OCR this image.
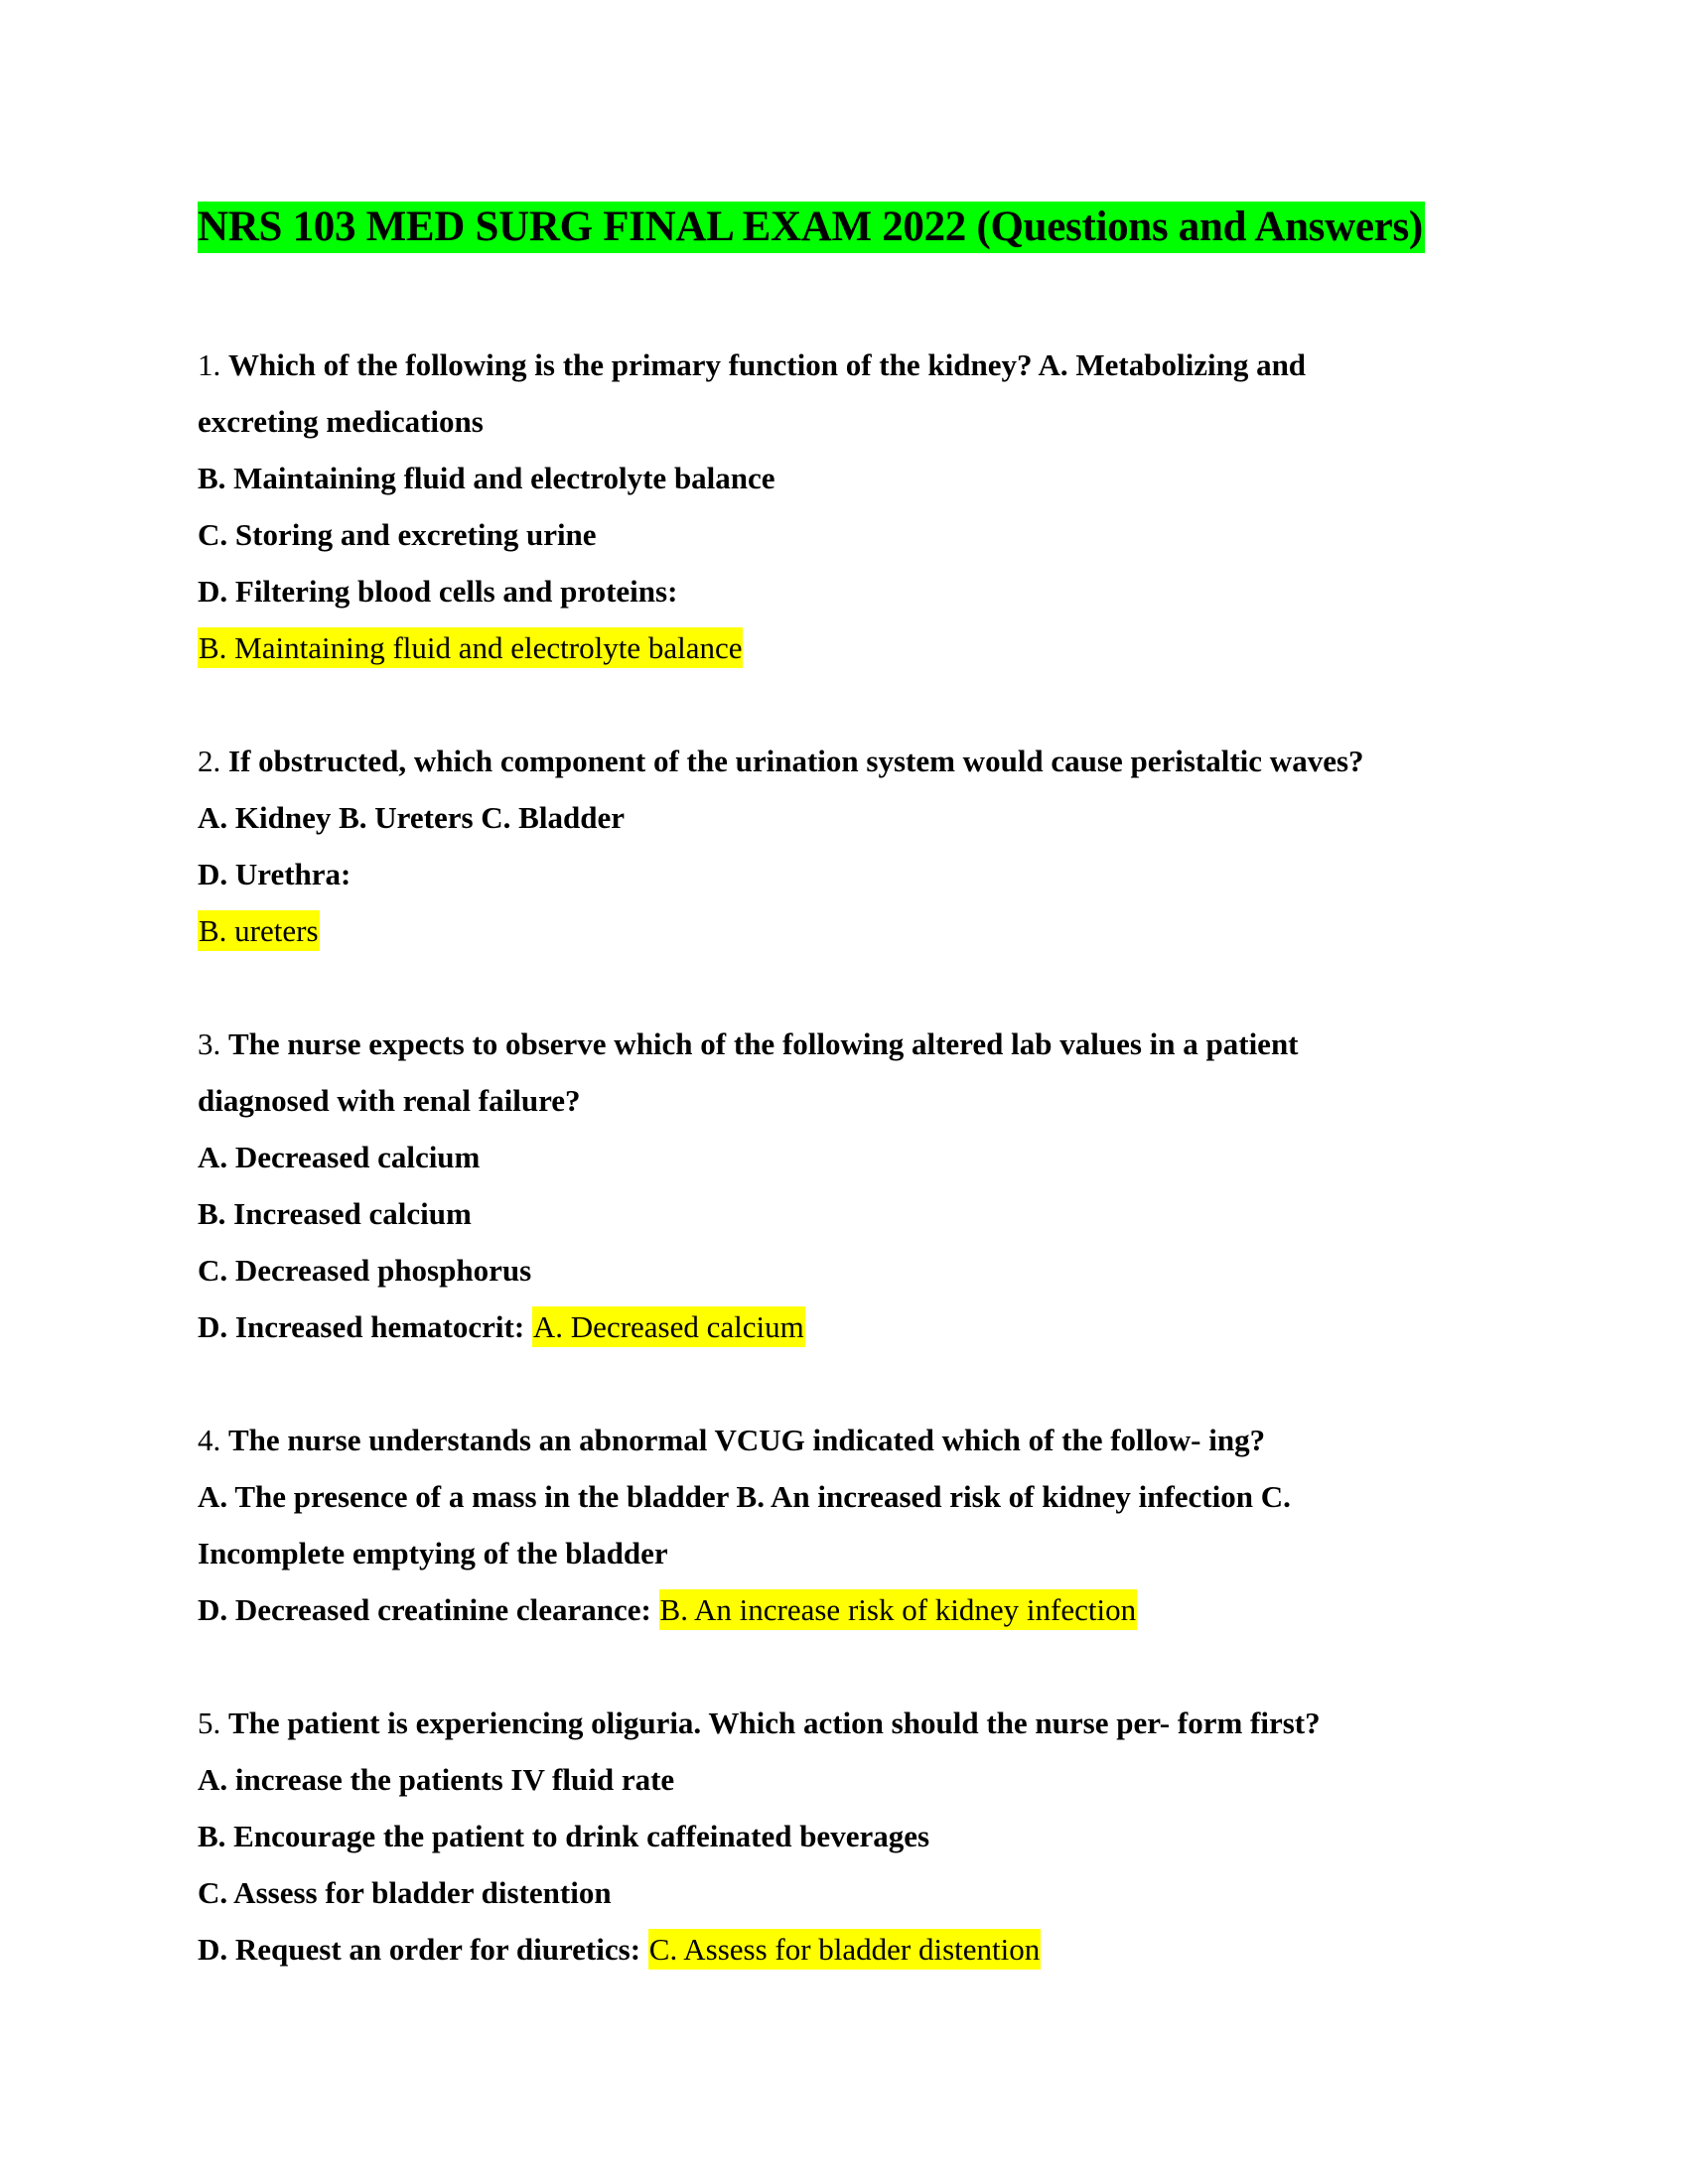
NRS 103 MED SURG FINAL EXAM 2022 (Questions and Answers)
1. Which of the following is the primary function of the kidney? A. Metabolizing and
excreting medications
B. Maintaining fluid and electrolyte balance
C. Storing and excreting urine
D. Filtering blood cells and proteins:
B. Maintaining fluid and electrolyte balance
2. If obstructed, which component of the urination system would cause peristaltic waves?
A. Kidney B. Ureters C. Bladder
D. Urethra:
B. ureters
3. The nurse expects to observe which of the following altered lab values in a patient
diagnosed with renal failure?
A. Decreased calcium
B. Increased calcium
C. Decreased phosphorus
D. Increased hematocrit: A. Decreased calcium
4. The nurse understands an abnormal VCUG indicated which of the follow- ing?
A. The presence of a mass in the bladder B. An increased risk of kidney infection C.
Incomplete emptying of the bladder
D. Decreased creatinine clearance: B. An increase risk of kidney infection
5. The patient is experiencing oliguria. Which action should the nurse per- form first?
A. increase the patients IV fluid rate
B. Encourage the patient to drink caffeinated beverages
C. Assess for bladder distention
D. Request an order for diuretics: C. Assess for bladder distention
